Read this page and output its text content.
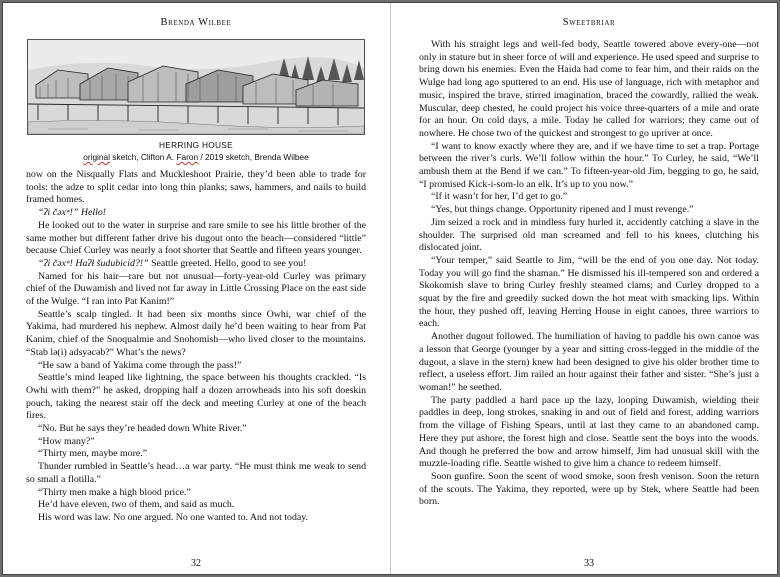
Brenda Wilbee
HERRING HOUSE
original sketch, Clifton A. Faron / 2019 sketch, Brenda Wilbee

now on the Nisqually Flats and Muckleshoot Prairie, they’d been able to trade for tools: the adze to split cedar into long thin planks; saws, hammers, and nails to build framed homes.

“ʔi čəxʷ!” Hello!

He looked out to the water in surprise and rare smile to see his little brother of the same mother but different father drive his dugout onto the beach—considered “little” because Chief Curley was nearly a foot shorter that Seattle and fifteen years younger.

“ʔi čəxʷ! Haʔɬ šudubicid?!” Seattle greeted. Hello, good to see you!

Named for his hair—rare but not unusual—forty-year-old Curley was primary chief of the Duwamish and lived not far away in Little Crossing Place on the east side of the Wulge. “I ran into Pat Kanim!”

Seattle’s scalp tingled. It had been six months since Owhi, war chief of the Yakima, had murdered his nephew. Almost daily he’d been waiting to hear from Pat Kanim, chief of the Snoqualmie and Snohomish—who lived closer to the mountains. “Stab lə(i) adsyəcəb?” What’s the news?

“He saw a band of Yakima come through the pass!”

Seattle’s mind leaped like lightning, the space between his thoughts crackled. “Is Owhi with them?” he asked, dropping half a dozen arrowheads into his soft doeskin pouch, taking the nearest stair off the deck and meeting Curley at one of the beach fires.

“No. But he says they’re headed down White River.”

“How many?”

“Thirty men, maybe more.”

Thunder rumbled in Seattle’s head…a war party. “He must think me weak to send so small a flotilla.”

“Thirty men make a high blood price.”

He’d have eleven, two of them, and said as much.

His word was law. No one argued. No one wanted to. And not today.

32
Sweetbriar

With his straight legs and well-fed body, Seattle towered above every-one—not only in stature but in sheer force of will and experience. He used speed and surprise to bring down his enemies. Even the Haida had come to fear him, and their raids on the Wulge had long ago sputtered to an end. His use of language, rich with metaphor and music, inspired the brave, stirred imagination, braced the cowardly, rallied the weak. Muscular, deep chested, he could project his voice three-quarters of a mile and orate for an hour. On cold days, a mile. Today he called for warriors; they came out of nowhere. He chose two of the quickest and strongest to go upriver at once.

“I want to know exactly where they are, and if we have time to set a trap. Portage between the river’s curls. We’ll follow within the hour.” To Curley, he said, “We’ll ambush them at the Bend if we can.” To fifteen-year-old Jim, begging to go, he said, “I promised Kick-i-som-lo an elk. It’s up to you now.”

“If it wasn’t for her, I’d get to go.”

“Yes, but things change. Opportunity ripened and I must revenge.”

Jim seized a rock and in mindless fury hurled it, accidently catching a slave in the shoulder. The surprised old man screamed and fell to his knees, clutching his dislocated joint.

“Your temper,” said Seattle to Jim, “will be the end of you one day. Not today. Today you will go find the shaman.” He dismissed his ill-tempered son and ordered a Skokomish slave to bring Curley freshly steamed clams; and Curley dropped to a squat by the fire and greedily sucked down the hot meat with smacking lips. Within the hour, they pushed off, leaving Herring House in eight canoes, three warriors to each.

Another dugout followed. The humiliation of having to paddle his own canoe was a lesson that George (younger by a year and sitting cross-legged in the middle of the dugout, a slave in the stern) knew had been designed to give his older brother time to reflect, a useless effort. Jim railed an hour against their father and sister. “She’s just a woman!” he seethed.

The party paddled a hard pace up the lazy, looping Duwamish, wielding their paddles in deep, long strokes, snaking in and out of field and forest, adding warriors from the village of Fishing Spears, until at last they came to an abandoned camp. Here they put ashore, the forest high and close. Seattle sent the boys into the woods. And though he preferred the bow and arrow himself, Jim had unusual skill with the muzzle-loading rifle. Seattle wished to give him a chance to redeem himself.

Soon gunfire. Soon the scent of wood smoke, soon fresh venison. Soon the return of the scouts. The Yakima, they reported, were up by Stek, where Seattle had been born.

33
